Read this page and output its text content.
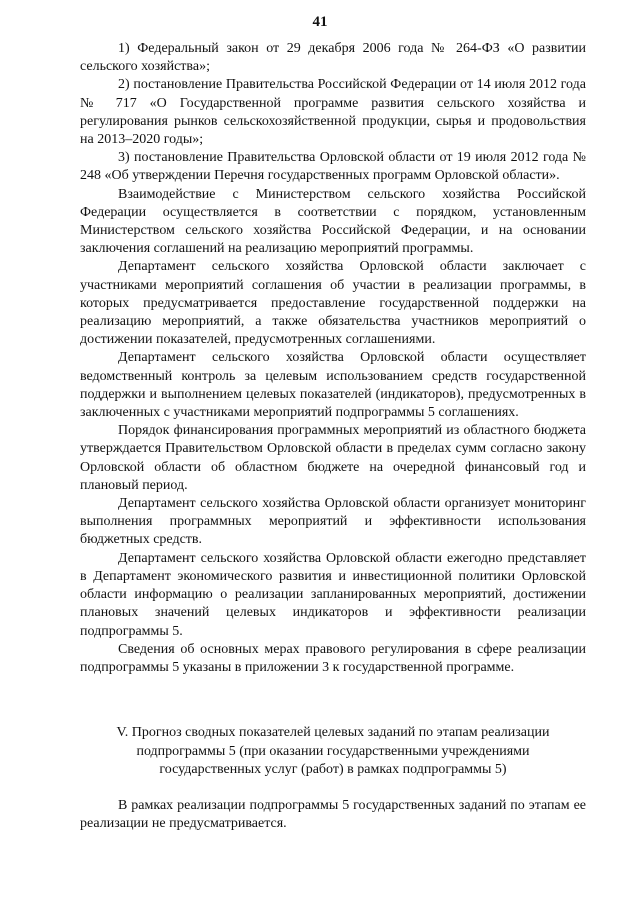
41

1) Федеральный закон от 29 декабря 2006 года № 264-ФЗ «О развитии сельского хозяйства»;

2) постановление Правительства Российской Федерации от 14 июля 2012 года № 717 «О Государственной программе развития сельского хозяйства и регулирования рынков сельскохозяйственной продукции, сырья и продовольствия на 2013–2020 годы»;

3) постановление Правительства Орловской области от 19 июля 2012 года № 248 «Об утверждении Перечня государственных программ Орловской области».

Взаимодействие с Министерством сельского хозяйства Российской Федерации осуществляется в соответствии с порядком, установленным Министерством сельского хозяйства Российской Федерации, и на основании заключения соглашений на реализацию мероприятий программы.

Департамент сельского хозяйства Орловской области заключает с участниками мероприятий соглашения об участии в реализации программы, в которых предусматривается предоставление государственной поддержки на реализацию мероприятий, а также обязательства участников мероприятий о достижении показателей, предусмотренных соглашениями.

Департамент сельского хозяйства Орловской области осуществляет ведомственный контроль за целевым использованием средств государственной поддержки и выполнением целевых показателей (индикаторов), предусмотренных в заключенных с участниками мероприятий подпрограммы 5 соглашениях.

Порядок финансирования программных мероприятий из областного бюджета утверждается Правительством Орловской области в пределах сумм согласно закону Орловской области об областном бюджете на очередной финансовый год и плановый период.

Департамент сельского хозяйства Орловской области организует мониторинг выполнения программных мероприятий и эффективности использования бюджетных средств.

Департамент сельского хозяйства Орловской области ежегодно представляет в Департамент экономического развития и инвестиционной политики Орловской области информацию о реализации запланированных мероприятий, достижении плановых значений целевых индикаторов и эффективности реализации подпрограммы 5.

Сведения об основных мерах правового регулирования в сфере реализации подпрограммы 5 указаны в приложении 3 к государственной программе.

V. Прогноз сводных показателей целевых заданий по этапам реализации
подпрограммы 5 (при оказании государственными учреждениями
государственных услуг (работ) в рамках подпрограммы 5)

В рамках реализации подпрограммы 5 государственных заданий по этапам ее реализации не предусматривается.
